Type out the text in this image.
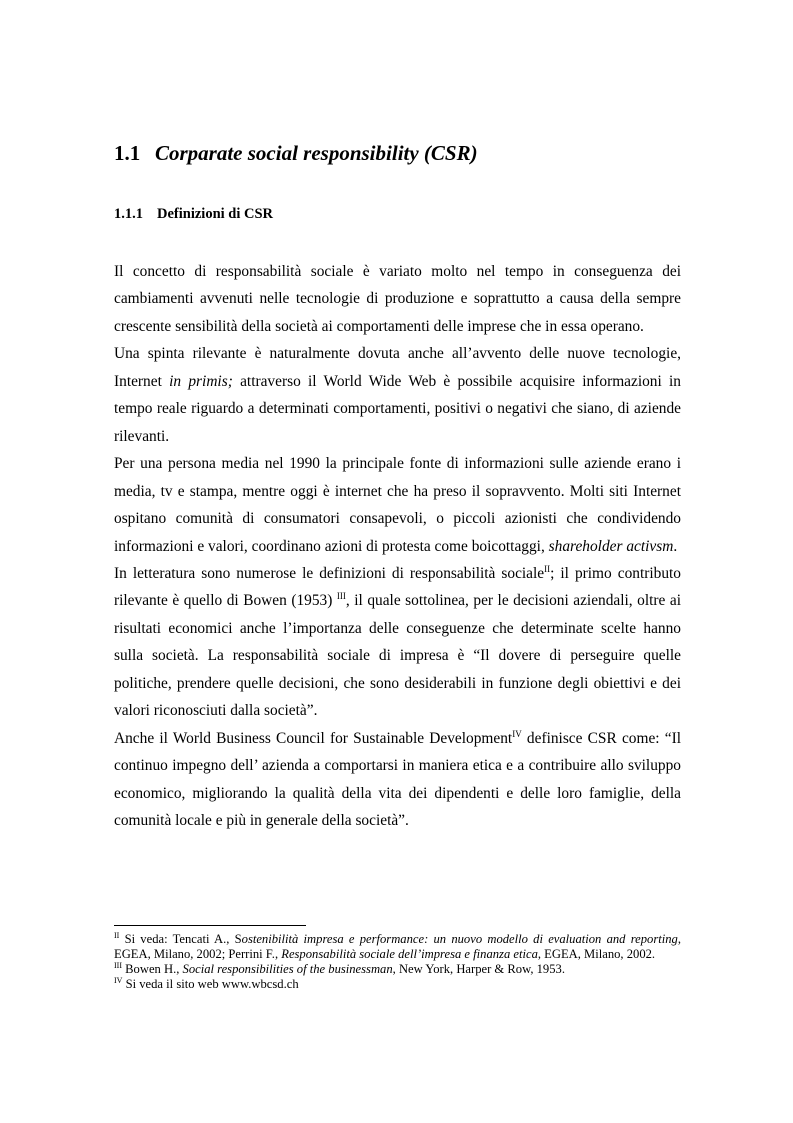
1.1 Corparate social responsibility (CSR)
1.1.1 Definizioni di CSR

Il concetto di responsabilità sociale è variato molto nel tempo in conseguenza dei cambiamenti avvenuti nelle tecnologie di produzione e soprattutto a causa della sempre crescente sensibilità della società ai comportamenti delle imprese che in essa operano.

Una spinta rilevante è naturalmente dovuta anche all’avvento delle nuove tecnologie, Internet in primis; attraverso il World Wide Web è possibile acquisire informazioni in tempo reale riguardo a determinati comportamenti, positivi o negativi che siano, di aziende rilevanti.

Per una persona media nel 1990 la principale fonte di informazioni sulle aziende erano i media, tv e stampa, mentre oggi è internet che ha preso il sopravvento. Molti siti Internet ospitano comunità di consumatori consapevoli, o piccoli azionisti che condividendo informazioni e valori, coordinano azioni di protesta come boicottaggi, shareholder activsm.

In letteratura sono numerose le definizioni di responsabilità sociale$^{II}$; il primo contributo rilevante è quello di Bowen (1953) $^{III}$, il quale sottolinea, per le decisioni aziendali, oltre ai risultati economici anche l’importanza delle conseguenze che determinate scelte hanno sulla società. La responsabilità sociale di impresa è “Il dovere di perseguire quelle politiche, prendere quelle decisioni, che sono desiderabili in funzione degli obiettivi e dei valori riconosciuti dalla società”.

Anche il World Business Council for Sustainable Development$^{IV}$ definisce CSR come: “Il continuo impegno dell’ azienda a comportarsi in maniera etica e a contribuire allo sviluppo economico, migliorando la qualità della vita dei dipendenti e delle loro famiglie, della comunità locale e più in generale della società”.

$^{II}$ Si veda: Tencati A., Sostenibilità impresa e performance: un nuovo modello di evaluation and reporting, EGEA, Milano, 2002; Perrini F., Responsabilità sociale dell’impresa e finanza etica, EGEA, Milano, 2002.

$^{III}$ Bowen H., Social responsibilities of the businessman, New York, Harper & Row, 1953.

$^{IV}$ Si veda il sito web www.wbcsd.ch
